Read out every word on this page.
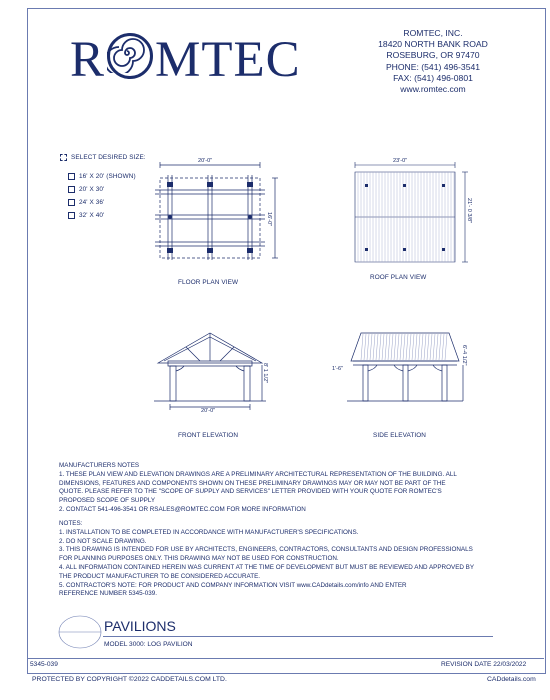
R MTEC	ROMTEC, INC.
18420 NORTH BANK ROAD
ROSEBURG, OR 97470
PHONE: (541) 496-3541
FAX: (541) 496-0801
www.romtec.com
SELECT DESIRED SIZE:
16' X 20' (SHOWN)
20' X 30'
24' X 36'
32' X 40'
20'-0"
16'-0"
FLOOR PLAN VIEW
23'-0"
21'- 0 3/8"
ROOF PLAN VIEW
20'-0"
8' 1 1/2"
FRONT ELEVATION
1'-6"
6'-4 1/2"
SIDE ELEVATION

MANUFACTURERS NOTES

1. THESE PLAN VIEW AND ELEVATION DRAWINGS ARE A PRELIMINARY ARCHITECTURAL REPRESENTATION OF THE BUILDING. ALL

DIMENSIONS, FEATURES AND COMPONENTS SHOWN ON THESE PRELIMINARY DRAWINGS MAY OR MAY NOT BE PART OF THE

QUOTE. PLEASE REFER TO THE "SCOPE OF SUPPLY AND SERVICES" LETTER PROVIDED WITH YOUR QUOTE FOR ROMTEC'S

PROPOSED SCOPE OF SUPPLY

2. CONTACT 541-496-3541 OR RSALES@ROMTEC.COM FOR MORE INFORMATION

NOTES:

1. INSTALLATION TO BE COMPLETED IN ACCORDANCE WITH MANUFACTURER'S SPECIFICATIONS.

2. DO NOT SCALE DRAWING.

3. THIS DRAWING IS INTENDED FOR USE BY ARCHITECTS, ENGINEERS, CONTRACTORS, CONSULTANTS AND DESIGN PROFESSIONALS

FOR PLANNING PURPOSES ONLY. THIS DRAWING MAY NOT BE USED FOR CONSTRUCTION.

4. ALL INFORMATION CONTAINED HEREIN WAS CURRENT AT THE TIME OF DEVELOPMENT BUT MUST BE REVIEWED AND APPROVED BY

THE PRODUCT MANUFACTURER TO BE CONSIDERED ACCURATE.

5. CONTRACTOR'S NOTE: FOR PRODUCT AND COMPANY INFORMATION VISIT www.CADdetails.com/info AND ENTER

REFERENCE NUMBER 5345-039.

PAVILIONS
MODEL 3000: LOG PAVILION
5345-039	REVISION DATE 22/03/2022
PROTECTED BY COPYRIGHT ©2022 CADDETAILS.COM LTD.	CADdetails.com
